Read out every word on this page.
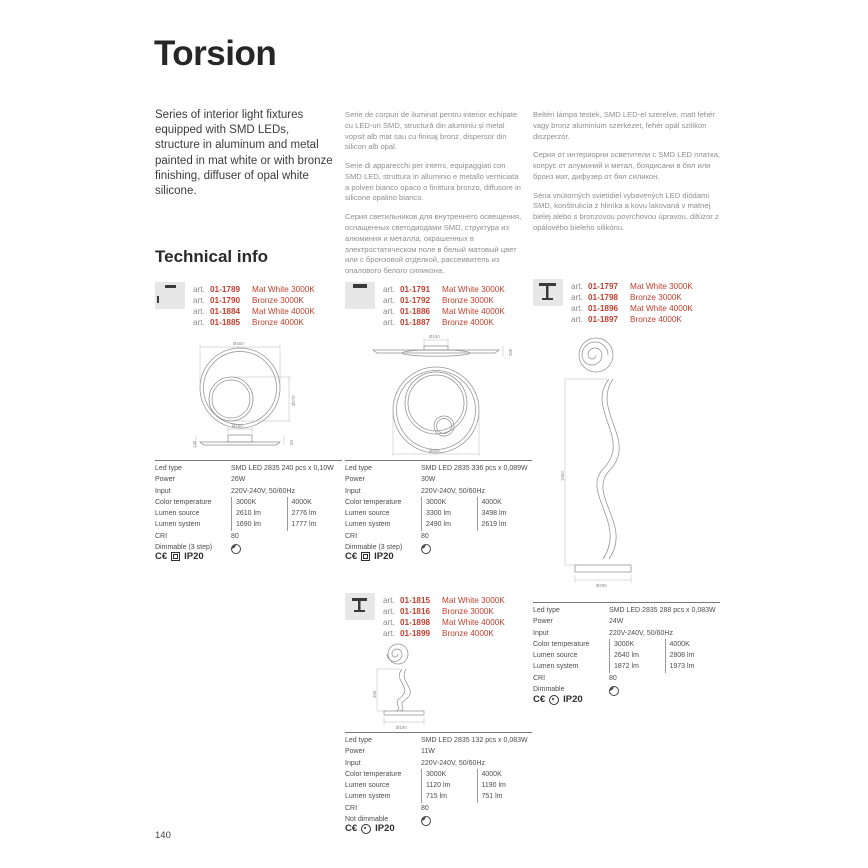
Torsion
Series of interior light fixtures equipped with SMD LEDs, structure in aluminum and metal painted in mat white or with bronze finishing, diffuser of opal white silicone.

Serie de corpuri de iluminat pentru interior echipate cu LED-uri SMD, structură din aluminiu și metal vopsit alb mat sau cu finisaj bronz, dispersor din silicon alb opal.

Serie di apparecchi per interni, equipaggiati con SMD LED, struttura in alluminio e metallo verniciata a polveri bianco opaco o finittura bronzo, diffusore in silicone opalino bianco.

Серия светильников для внутреннего освещения, оснащенных светодиодами SMD, структура из алюминия и металла, окрашенных в электростатическом поле в белый матовый цвет или с бронзовой отделкой, рассеиватель из опалового белого силикона.

Beltéri lámpa testek, SMD LED-el szerelve, matt fehér vagy bronz aluminium szerkezet, fehér opál szilikon diszperzór.

Серия от интериорни осветители с SMD LED платка, копрус от алуминий и метал, боядисани в бял или бронз мат, дифузер от бял силикон.

Séria vnútorných svietidiel vybavených LED diódami SMD, konštrukcia z hliníka a kovu lakovaná v matnej bielej alebo s bronzovou povrchovou úpravou, difúzor z opálového bieleho silikónu.

Technical info
art. 01-1789	Mat White 3000K
art. 01-1790	Bronze 3000K
art. 01-1884	Mat White 4000K
art. 01-1885	Bronze 4000K
Ø400
Ø270
Ø150
55
140
Led type	SMD LED 2835 240 pcs x 0,10W
Power	26W
Input	220V-240V, 50/60Hz
Color temperature	3000K	4000K
Lumen source	2610 lm	2776 lm
Lumen system	1690 lm	1777 lm
CRI	80
Dimmable (3 step)
C€ IP20
art. 01-1791	Mat White 3000K
art. 01-1792	Bronze 3000K
art. 01-1886	Mat White 4000K
art. 01-1887	Bronze 4000K
Ø150
200
Ø500
Led type	SMD LED 2835 336 pcs x 0,089W
Power	30W
Input	220V-240V, 50/60Hz
Color temperature	3000K	4000K
Lumen source	3300 lm	3498 lm
Lumen system	2490 lm	2619 lm
CRI	80
Dimmable (3 step)
C€ IP20
art. 01-1797	Mat White 3000K
art. 01-1798	Bronze 3000K
art. 01-1896	Mat White 4000K
art. 01-1897	Bronze 4000K
1500
Ø290
Led type	SMD LED 2835 288 pcs x 0,083W
Power	24W
Input	220V-240V, 50/60Hz
Color temperature	3000K	4000K
Lumen source	2640 lm	2808 lm
Lumen system	1872 lm	1973 lm
CRI	80
Dimmable
C€ IP20
art. 01-1815	Mat White 3000K
art. 01-1816	Bronze 3000K
art. 01-1898	Mat White 4000K
art. 01-1899	Bronze 4000K
365
Ø190
Led type	SMD LED 2835 132 pcs x 0,083W
Power	11W
Input	220V-240V, 50/60Hz
Color temperature	3000K	4000K
Lumen source	1120 lm	1190 lm
Lumen system	715 lm	751 lm
CRI	80
Not dimmable
C€ IP20
140
